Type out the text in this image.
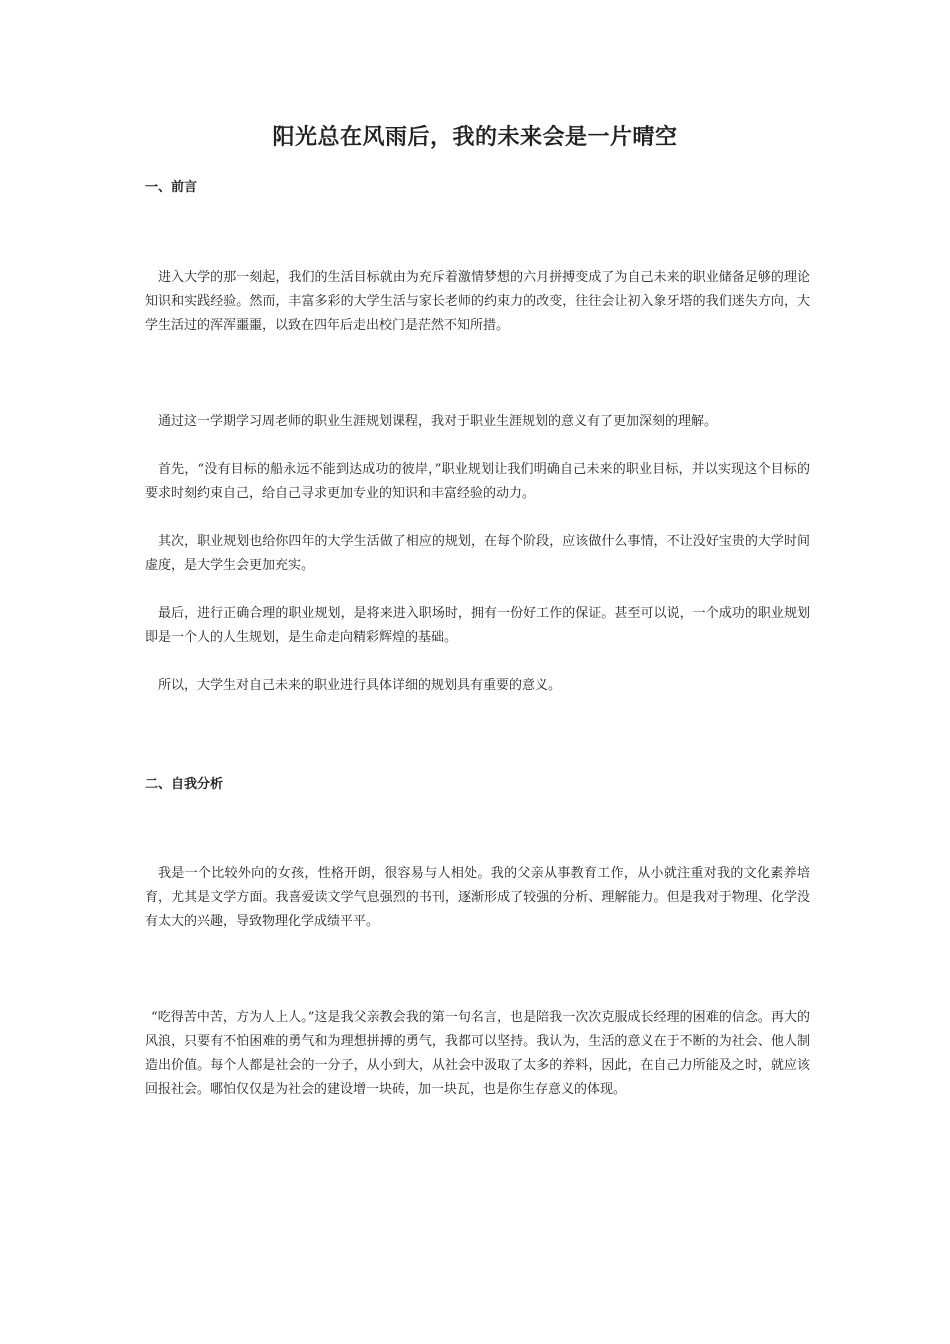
阳光总在风雨后，我的未来会是一片晴空
一、前言
进入大学的那一刻起，我们的生活目标就由为充斥着激情梦想的六月拼搏变成了为自己未来的职业储备足够的理论知识和实践经验。然而，丰富多彩的大学生活与家长老师的约束力的改变，往往会让初入象牙塔的我们迷失方向，大学生活过的浑浑噩噩，以致在四年后走出校门是茫然不知所措。
通过这一学期学习周老师的职业生涯规划课程，我对于职业生涯规划的意义有了更加深刻的理解。
首先，“没有目标的船永远不能到达成功的彼岸，”职业规划让我们明确自己未来的职业目标，并以实现这个目标的要求时刻约束自己，给自己寻求更加专业的知识和丰富经验的动力。
其次，职业规划也给你四年的大学生活做了相应的规划，在每个阶段，应该做什么事情，不让没好宝贵的大学时间虚度，是大学生会更加充实。
最后，进行正确合理的职业规划，是将来进入职场时，拥有一份好工作的保证。甚至可以说，一个成功的职业规划即是一个人的人生规划，是生命走向精彩辉煌的基础。
所以，大学生对自己未来的职业进行具体详细的规划具有重要的意义。
二、自我分析
我是一个比较外向的女孩，性格开朗，很容易与人相处。我的父亲从事教育工作，从小就注重对我的文化素养培育，尤其是文学方面。我喜爱读文学气息强烈的书刊，逐渐形成了较强的分析、理解能力。但是我对于物理、化学没有太大的兴趣，导致物理化学成绩平平。
“吃得苦中苦，方为人上人。”这是我父亲教会我的第一句名言，也是陪我一次次克服成长经理的困难的信念。再大的风浪，只要有不怕困难的勇气和为理想拼搏的勇气，我都可以坚持。我认为，生活的意义在于不断的为社会、他人制造出价值。每个人都是社会的一分子，从小到大，从社会中汲取了太多的养料，因此，在自己力所能及之时，就应该回报社会。哪怕仅仅是为社会的建设增一块砖，加一块瓦，也是你生存意义的体现。
